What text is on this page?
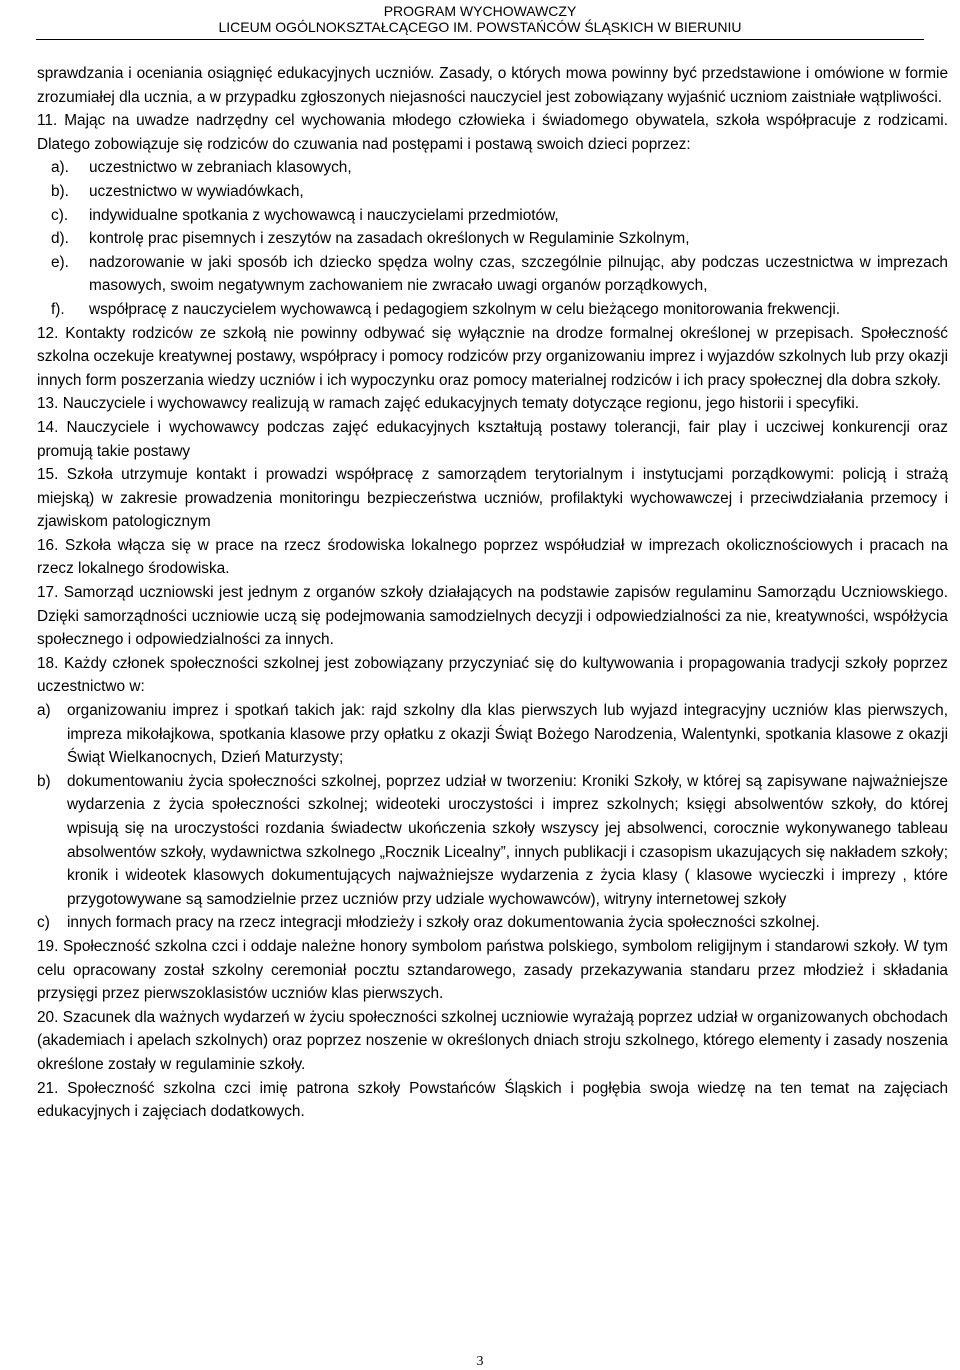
PROGRAM WYCHOWAWCZY
LICEUM OGÓLNOKSZTAŁCĄCEGO IM. POWSTAŃCÓW ŚLĄSKICH W BIERUNIU
sprawdzania i oceniania osiągnięć edukacyjnych uczniów. Zasady, o których mowa powinny być przedstawione i omówione w formie zrozumiałej dla ucznia, a w przypadku zgłoszonych niejasności nauczyciel jest zobowiązany wyjaśnić uczniom zaistniałe wątpliwości.
11. Mając na uwadze nadrzędny cel wychowania młodego człowieka i świadomego obywatela, szkoła współpracuje z rodzicami. Dlatego zobowiązuje się rodziców do czuwania nad postępami i postawą swoich dzieci poprzez:
a).	uczestnictwo w zebraniach klasowych,
b).	uczestnictwo w wywiadówkach,
c).	indywidualne spotkania z wychowawcą i nauczycielami przedmiotów,
d).	kontrolę prac pisemnych i zeszytów na zasadach określonych w Regulaminie Szkolnym,
e).	nadzorowanie w jaki sposób ich dziecko spędza wolny czas, szczególnie pilnując, aby podczas uczestnictwa w imprezach masowych, swoim negatywnym zachowaniem nie zwracało uwagi organów porządkowych,
f).	współpracę z nauczycielem wychowawcą i pedagogiem szkolnym w celu bieżącego monitorowania frekwencji.
12. Kontakty rodziców ze szkołą nie powinny odbywać się wyłącznie na drodze formalnej określonej w przepisach. Społeczność szkolna oczekuje kreatywnej postawy, współpracy i pomocy rodziców przy organizowaniu imprez i wyjazdów szkolnych lub przy okazji innych form poszerzania wiedzy uczniów i ich wypoczynku oraz pomocy materialnej rodziców i ich pracy społecznej dla dobra szkoły.
13. Nauczyciele i wychowawcy realizują w ramach zajęć edukacyjnych tematy dotyczące regionu, jego historii i specyfiki.
14. Nauczyciele i wychowawcy podczas zajęć edukacyjnych kształtują postawy tolerancji, fair play i uczciwej konkurencji oraz promują takie postawy
15. Szkoła utrzymuje kontakt i prowadzi współpracę z samorządem terytorialnym i instytucjami porządkowymi: policją i strażą miejską) w zakresie prowadzenia monitoringu bezpieczeństwa uczniów, profilaktyki wychowawczej i przeciwdziałania przemocy i zjawiskom patologicznym
16. Szkoła włącza się w prace na rzecz środowiska lokalnego poprzez współudział w imprezach okolicznościowych i pracach na rzecz lokalnego środowiska.
17. Samorząd uczniowski jest jednym z organów szkoły działających na podstawie zapisów regulaminu Samorządu Uczniowskiego. Dzięki samorządności uczniowie uczą się podejmowania samodzielnych decyzji i odpowiedzialności za nie, kreatywności, współżycia społecznego i odpowiedzialności za innych.
18. Każdy członek społeczności szkolnej jest zobowiązany przyczyniać się do kultywowania i propagowania tradycji szkoły poprzez uczestnictwo w:
a)	organizowaniu imprez i spotkań takich jak: rajd szkolny dla klas pierwszych lub wyjazd integracyjny uczniów klas pierwszych, impreza mikołajkowa, spotkania klasowe przy opłatku z okazji Świąt Bożego Narodzenia, Walentynki, spotkania klasowe z okazji Świąt Wielkanocnych, Dzień Maturzysty;
b)	dokumentowaniu życia społeczności szkolnej, poprzez udział w tworzeniu: Kroniki Szkoły, w której są zapisywane najważniejsze wydarzenia z życia społeczności szkolnej; wideoteki uroczystości i imprez szkolnych; księgi absolwentów szkoły, do której wpisują się na uroczystości rozdania świadectw ukończenia szkoły wszyscy jej absolwenci, corocznie wykonywanego tableau absolwentów szkoły, wydawnictwa szkolnego „Rocznik Licealny”, innych publikacji i czasopism ukazujących się nakładem szkoły; kronik i wideotek klasowych dokumentujących najważniejsze wydarzenia z życia klasy ( klasowe wycieczki i imprezy , które przygotowywane są samodzielnie przez uczniów przy udziale wychowawców), witryny internetowej szkoły
c)	innych formach pracy na rzecz integracji młodzieży i szkoły oraz dokumentowania życia społeczności szkolnej.
19. Społeczność szkolna czci i oddaje należne honory symbolom państwa polskiego, symbolom religijnym i standarowi szkoły. W tym celu opracowany został szkolny ceremoniał pocztu sztandarowego, zasady przekazywania standaru przez młodzież i składania przysięgi przez pierwszoklasistów uczniów klas pierwszych.
20. Szacunek dla ważnych wydarzeń w życiu społeczności szkolnej uczniowie wyrażają poprzez udział w organizowanych obchodach (akademiach i apelach szkolnych) oraz poprzez noszenie w określonych dniach stroju szkolnego, którego elementy i zasady noszenia określone zostały w regulaminie szkoły.
21. Społeczność szkolna czci imię patrona szkoły Powstańców Śląskich i pogłębia swoja wiedzę na ten temat na zajęciach edukacyjnych i zajęciach dodatkowych.
3
